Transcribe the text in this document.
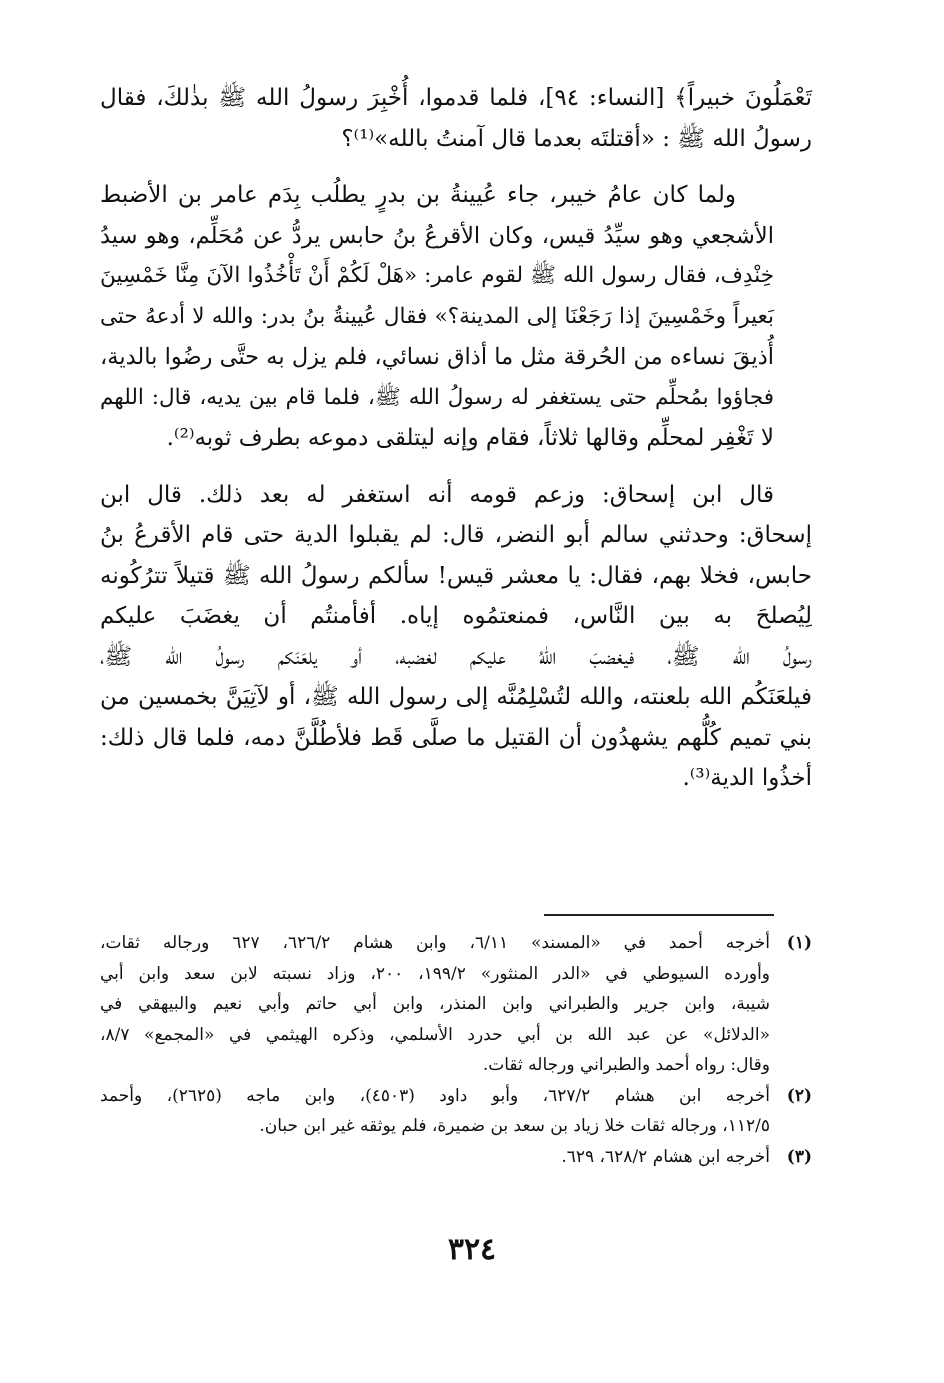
تَعْمَلُونَ خبيراً﴾ [النساء: ٩٤]، فلما قدموا، أُخْبِرَ رسولُ الله ﷺ بذٰلكَ، فقال
رسولُ الله ﷺ : «أقتلتَه بعدما قال آمنتُ بالله»⁽¹⁾؟

ولما كان عامُ خيبر، جاء عُيينةُ بن بدرٍ يطلُب بِدَم عامر بن الأضبط
الأشجعي وهو سيِّدُ قيس، وكان الأقرعُ بنُ حابس يردُّ عن مُحَلِّم، وهو سيدُ
خِنْدِف، فقال رسول الله ﷺ لقوم عامر: «هَلْ لَكُمْ أَنْ تَأْخُذُوا الآنَ مِنَّا خَمْسِينَ
بَعيراً وخَمْسِينَ إذا رَجَعْنَا إلى المدينة؟» فقال عُيينةُ بنُ بدر: والله لا أدعهُ حتى
أُذيقَ نساءه من الحُرقة مثل ما أذاق نسائي، فلم يزل به حتَّى رضُوا بالدية،
فجاؤوا بمُحلِّم حتى يستغفر له رسولُ الله ﷺ، فلما قام بين يديه، قال: اللهم
لا تَغْفِر لمحلِّم وقالها ثلاثاً، فقام وإنه ليتلقى دموعه بطرف ثوبه⁽²⁾.

قال ابن إسحاق: وزعم قومه أنه استغفر له بعد ذلك. قال ابن
إسحاق: وحدثني سالم أبو النضر، قال: لم يقبلوا الدية حتى قام الأقرعُ بنُ
حابس، فخلا بهم، فقال: يا معشر قيس! سألكم رسولُ الله ﷺ قتيلاً تترُكُونه
لِيُصلحَ به بين النَّاس، فمنعتمُوه إياه. أفأمنتُم أن يغضَبَ عليكم
رسولُ الله ﷺ، فيغضبَ اللّهُ عليكم لغضبه، أو يلعَنَكم رسولُ الله ﷺ،
فيلعَنَكُم الله بلعنته، والله لتُسْلِمُنَّه إلى رسول الله ﷺ، أو لآتِيَنَّ بخمسين من
بني تميم كُلُّهم يشهدُون أن القتيل ما صلَّى قَط فلأطُلَّنَّ دمه، فلما قال ذلك:
أخذُوا الدية⁽³⁾.

(١)
أخرجه أحمد في «المسند» ٦/١١، وابن هشام ٦٢٦/٢، ٦٢٧ ورجاله ثقات،
وأورده السيوطي في «الدر المنثور» ١٩٩/٢، ٢٠٠، وزاد نسبته لابن سعد وابن أبي
شيبة، وابن جرير والطبراني وابن المنذر، وابن أبي حاتم وأبي نعيم والبيهقي في
«الدلائل» عن عبد الله بن أبي حدرد الأسلمي، وذكره الهيثمي في «المجمع» ٨/٧،
وقال: رواه أحمد والطبراني ورجاله ثقات.
(٢)
أخرجه ابن هشام ٦٢٧/٢، وأبو داود (٤٥٠٣)، وابن ماجه (٢٦٢٥)، وأحمد
١١٢/٥، ورجاله ثقات خلا زياد بن سعد بن ضميرة، فلم يوثقه غير ابن حبان.
(٣)
أخرجه ابن هشام ٦٢٨/٢، ٦٢٩.
٣٢٤
